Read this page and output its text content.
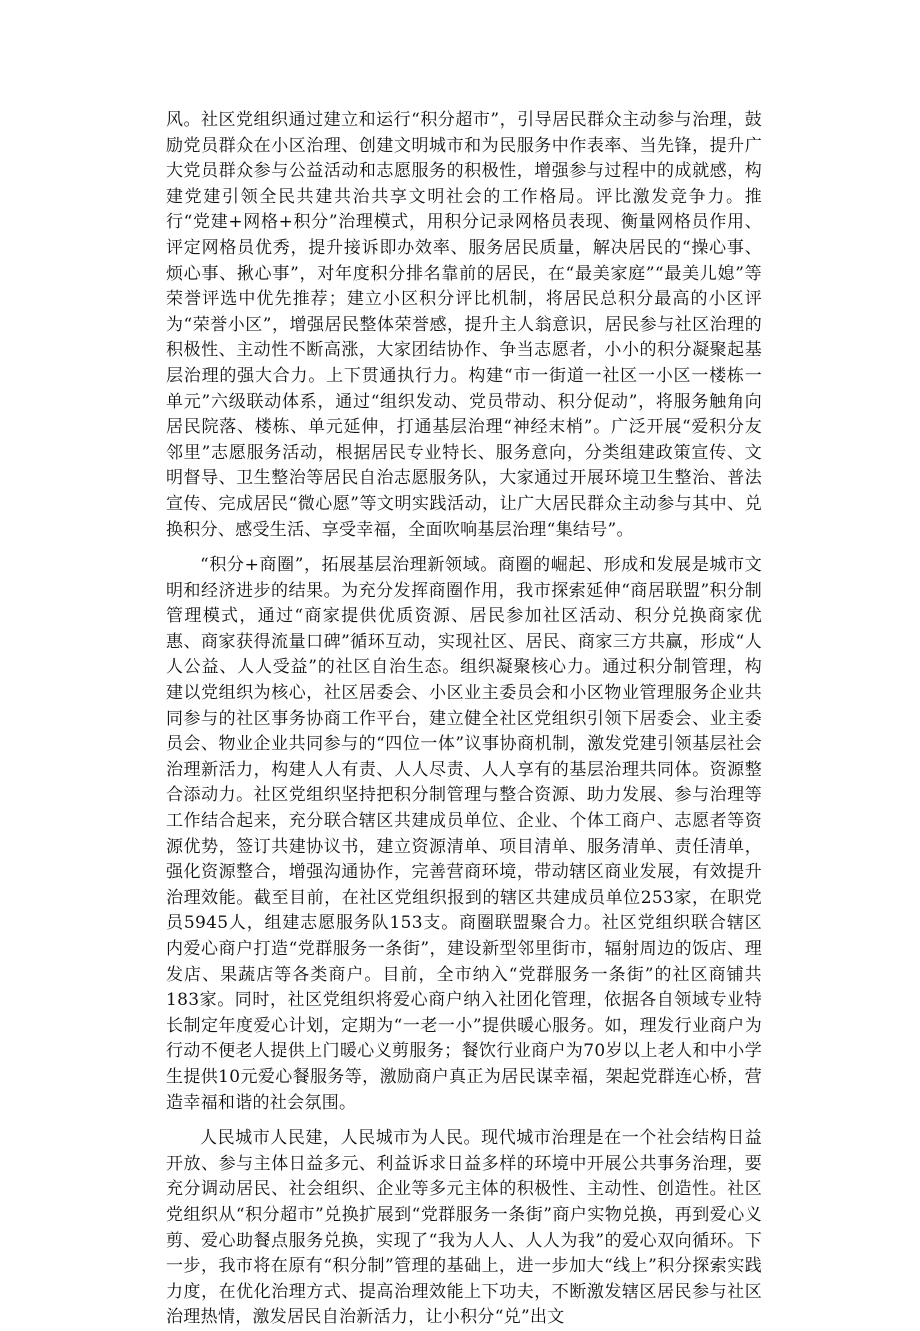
风。社区党组织通过建立和运行“积分超市”，引导居民群众主动参与治理，鼓励党员群众在小区治理、创建文明城市和为民服务中作表率、当先锋，提升广大党员群众参与公益活动和志愿服务的积极性，增强参与过程中的成就感，构建党建引领全民共建共治共享文明社会的工作格局。评比激发竞争力。推行“党建+网格+积分”治理模式，用积分记录网格员表现、衡量网格员作用、评定网格员优秀，提升接诉即办效率、服务居民质量，解决居民的“操心事、烦心事、揪心事”，对年度积分排名靠前的居民，在“最美家庭”“最美儿媳”等荣誉评选中优先推荐；建立小区积分评比机制，将居民总积分最高的小区评为“荣誉小区”，增强居民整体荣誉感，提升主人翁意识，居民参与社区治理的积极性、主动性不断高涨，大家团结协作、争当志愿者，小小的积分凝聚起基层治理的强大合力。上下贯通执行力。构建“市一街道一社区一小区一楼栋一单元”六级联动体系，通过“组织发动、党员带动、积分促动”，将服务触角向居民院落、楼栋、单元延伸，打通基层治理“神经末梢”。广泛开展“爱积分友邻里”志愿服务活动，根据居民专业特长、服务意向，分类组建政策宣传、文明督导、卫生整治等居民自治志愿服务队，大家通过开展环境卫生整治、普法宣传、完成居民“微心愿”等文明实践活动，让广大居民群众主动参与其中、兑换积分、感受生活、享受幸福，全面吹响基层治理“集结号”。

“积分+商圈”，拓展基层治理新领域。商圈的崛起、形成和发展是城市文明和经济进步的结果。为充分发挥商圈作用，我市探索延伸“商居联盟”积分制管理模式，通过“商家提供优质资源、居民参加社区活动、积分兑换商家优惠、商家获得流量口碑”循环互动，实现社区、居民、商家三方共赢，形成“人人公益、人人受益”的社区自治生态。组织凝聚核心力。通过积分制管理，构建以党组织为核心，社区居委会、小区业主委员会和小区物业管理服务企业共同参与的社区事务协商工作平台，建立健全社区党组织引领下居委会、业主委员会、物业企业共同参与的“四位一体”议事协商机制，激发党建引领基层社会治理新活力，构建人人有责、人人尽责、人人享有的基层治理共同体。资源整合添动力。社区党组织坚持把积分制管理与整合资源、助力发展、参与治理等工作结合起来，充分联合辖区共建成员单位、企业、个体工商户、志愿者等资源优势，签订共建协议书，建立资源清单、项目清单、服务清单、责任清单，强化资源整合，增强沟通协作，完善营商环境，带动辖区商业发展，有效提升治理效能。截至目前，在社区党组织报到的辖区共建成员单位253家，在职党员5945人，组建志愿服务队153支。商圈联盟聚合力。社区党组织联合辖区内爱心商户打造“党群服务一条街”，建设新型邻里街市，辐射周边的饭店、理发店、果蔬店等各类商户。目前，全市纳入“党群服务一条街”的社区商铺共183家。同时，社区党组织将爱心商户纳入社团化管理，依据各自领域专业特长制定年度爱心计划，定期为“一老一小”提供暖心服务。如，理发行业商户为行动不便老人提供上门暖心义剪服务；餐饮行业商户为70岁以上老人和中小学生提供10元爱心餐服务等，激励商户真正为居民谋幸福，架起党群连心桥，营造幸福和谐的社会氛围。

人民城市人民建，人民城市为人民。现代城市治理是在一个社会结构日益开放、参与主体日益多元、利益诉求日益多样的环境中开展公共事务治理，要充分调动居民、社会组织、企业等多元主体的积极性、主动性、创造性。社区党组织从“积分超市”兑换扩展到“党群服务一条街”商户实物兑换，再到爱心义剪、爱心助餐点服务兑换，实现了“我为人人、人人为我”的爱心双向循环。下一步，我市将在原有“积分制”管理的基础上，进一步加大“线上”积分探索实践力度，在优化治理方式、提高治理效能上下功夫，不断激发辖区居民参与社区治理热情，激发居民自治新活力，让小积分“兑”出文
